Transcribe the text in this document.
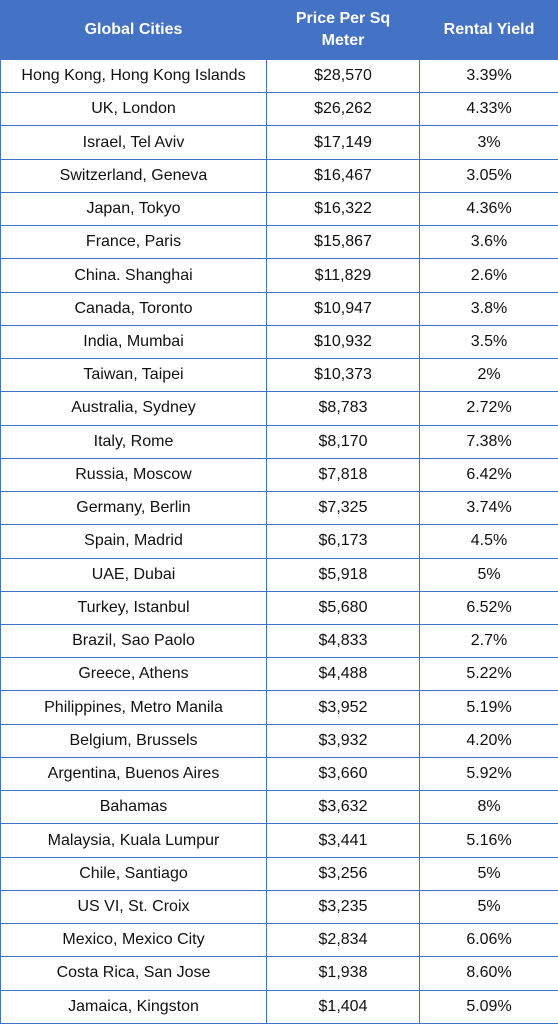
Global Cities	Price Per Sq Meter	Rental Yield
Hong Kong, Hong Kong Islands	$28,570	3.39%
UK, London	$26,262	4.33%
Israel, Tel Aviv	$17,149	3%
Switzerland, Geneva	$16,467	3.05%
Japan, Tokyo	$16,322	4.36%
France, Paris	$15,867	3.6%
China. Shanghai	$11,829	2.6%
Canada, Toronto	$10,947	3.8%
India, Mumbai	$10,932	3.5%
Taiwan, Taipei	$10,373	2%
Australia, Sydney	$8,783	2.72%
Italy, Rome	$8,170	7.38%
Russia, Moscow	$7,818	6.42%
Germany, Berlin	$7,325	3.74%
Spain, Madrid	$6,173	4.5%
UAE, Dubai	$5,918	5%
Turkey, Istanbul	$5,680	6.52%
Brazil, Sao Paolo	$4,833	2.7%
Greece, Athens	$4,488	5.22%
Philippines, Metro Manila	$3,952	5.19%
Belgium, Brussels	$3,932	4.20%
Argentina, Buenos Aires	$3,660	5.92%
Bahamas	$3,632	8%
Malaysia, Kuala Lumpur	$3,441	5.16%
Chile, Santiago	$3,256	5%
US VI, St. Croix	$3,235	5%
Mexico, Mexico City	$2,834	6.06%
Costa Rica, San Jose	$1,938	8.60%
Jamaica, Kingston	$1,404	5.09%
